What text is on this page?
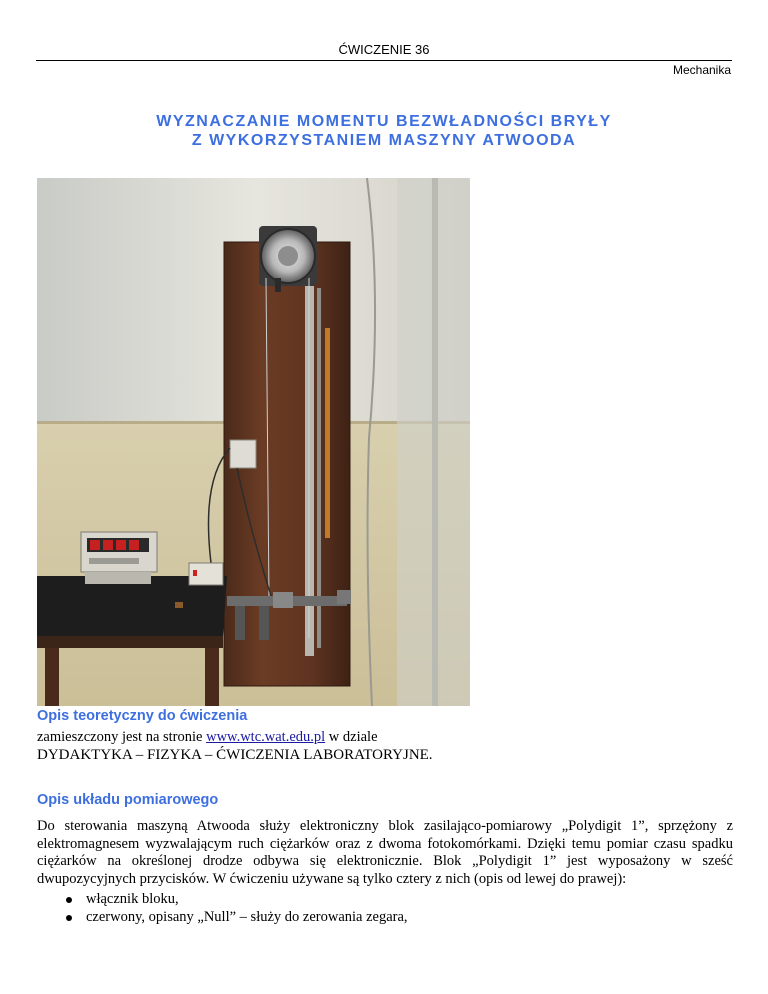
ĆWICZENIE 36
Mechanika
WYZNACZANIE MOMENTU BEZWŁADNOŚCI BRYŁY
Z WYKORZYSTANIEM MASZYNY ATWOODA
Opis teoretyczny do ćwiczenia
zamieszczony jest na stronie www.wtc.wat.edu.pl w dziale
DYDAKTYKA – FIZYKA – ĆWICZENIA LABORATORYJNE.
Opis układu pomiarowego
Do sterowania maszyną Atwooda służy elektroniczny blok zasilająco-pomiarowy „Polydigit 1”, sprzężony z elektromagnesem wyzwalającym ruch ciężarków oraz z dwoma fotokomórkami. Dzięki temu pomiar czasu spadku ciężarków na określonej drodze odbywa się elektronicznie. Blok „Polydigit 1” jest wyposażony w sześć dwupozycyjnych przycisków. W ćwiczeniu używane są tylko cztery z nich (opis od lewej do prawej):
włącznik bloku,
czerwony, opisany „Null” – służy do zerowania zegara,
